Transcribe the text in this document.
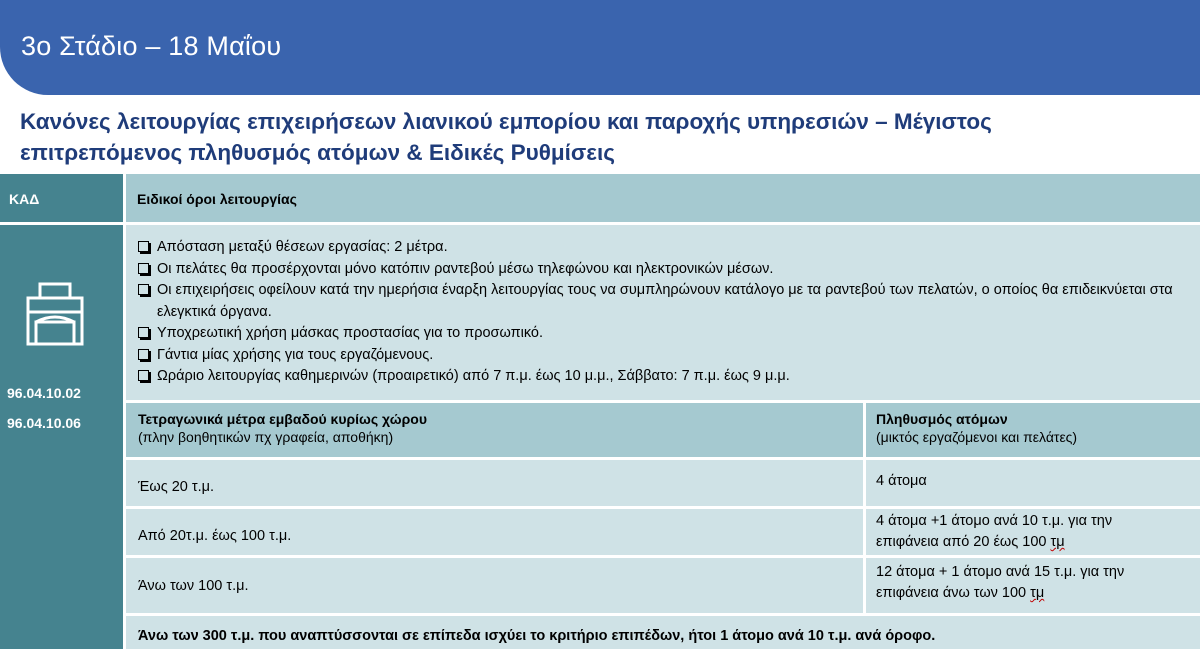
3ο Στάδιο – 18 Μαΐου
Κανόνες λειτουργίας επιχειρήσεων λιανικού εμπορίου και παροχής υπηρεσιών – Μέγιστος
επιτρεπόμενος πληθυσμός ατόμων & Ειδικές Ρυθμίσεις
ΚΑΔ	Ειδικοί όροι λειτουργίας
96.04.10.02
96.04.10.06
Απόσταση μεταξύ θέσεων εργασίας: 2 μέτρα.
Οι πελάτες θα προσέρχονται μόνο κατόπιν ραντεβού μέσω τηλεφώνου και ηλεκτρονικών μέσων.
Οι επιχειρήσεις οφείλουν κατά την ημερήσια έναρξη λειτουργίας τους να συμπληρώνουν κατάλογο με τα ραντεβού των πελατών, ο οποίος θα επιδεικνύεται στα ελεγκτικά όργανα.
Υποχρεωτική χρήση μάσκας προστασίας για το προσωπικό.
Γάντια μίας χρήσης για τους εργαζόμενους.
Ωράριο λειτουργίας καθημερινών (προαιρετικό) από 7 π.μ. έως 10 μ.μ., Σάββατο: 7 π.μ. έως 9 μ.μ.
Τετραγωνικά μέτρα εμβαδού κυρίως χώρου
(πλην βοηθητικών πχ γραφεία, αποθήκη)
Πληθυσμός ατόμων
(μικτός εργαζόμενοι και πελάτες)
Έως 20 τ.μ.	4 άτομα
Από 20τ.μ. έως 100 τ.μ.
4 άτομα +1 άτομο ανά 10 τ.μ. για την
επιφάνεια από 20 έως 100 τμ
Άνω των 100 τ.μ.
12 άτομα + 1 άτομο ανά 15 τ.μ. για την
επιφάνεια άνω των 100 τμ
Άνω των 300 τ.μ. που αναπτύσσονται σε επίπεδα ισχύει το κριτήριο επιπέδων, ήτοι 1 άτομο ανά 10 τ.μ. ανά όροφο.
